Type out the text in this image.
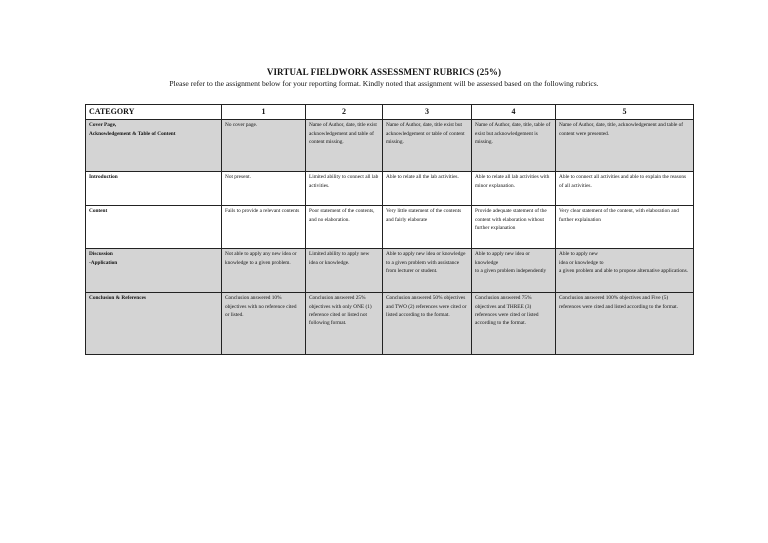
VIRTUAL FIELDWORK ASSESSMENT RUBRICS (25%)
Please refer to the assignment below for your reporting format. Kindly noted that assignment will be assessed based on the following rubrics.
CATEGORY	1	2	3	4	5
Cover Page,
Acknowledgement & Table of Content	No cover page.	Name of Author, date, title exist acknowledgement and table of content missing.	Name of Author, date, title exist but acknowledgement or table of content missing.	Name of Author, date, title, table of exist but acknowledgement is missing.	Name of Author, date, title, acknowledgement and table of content were presented.
Introduction	Not present.	Limited ability to connect all lab activities.	Able to relate all the lab activities.	Able to relate all lab activities with minor explanation.	Able to connect all activities and able to explain the reasons of all activities.
Content	Fails to provide a relevant contents	Poor statement of the contents, and no elaboration.	Very little statement of the contents and fairly elaborate	Provide adequate statement of the content with elaboration without further explanation	Very clear statement of the content, with elaboration and further explaination
Discussion
-Application	Not able to apply any new idea or knowledge to a given problem.	Limited ability to apply new idea or knowledge.	Able to apply new idea or knowledge
to a given problem with assistance
from lecturer or student.	Able to apply new idea or knowledge
to a given problem independently	Able to apply new
idea or knowledge to
a given problem and able to propose alternative applications.
Conclusion & References	Conclusion answered 10% objectives with no reference cited or listed.	Conclusion answered 25% objectives with only ONE (1) reference cited or listed not following format.	Conclusion answered 50% objectives and TWO (2) references were cited or listed according to the format.	Conclusion answered 75% objectives and THREE (3) references were cited or listed according to the format.	Conclusion answered 100% objectives and Five (5) references were cited and listed according to the format.
